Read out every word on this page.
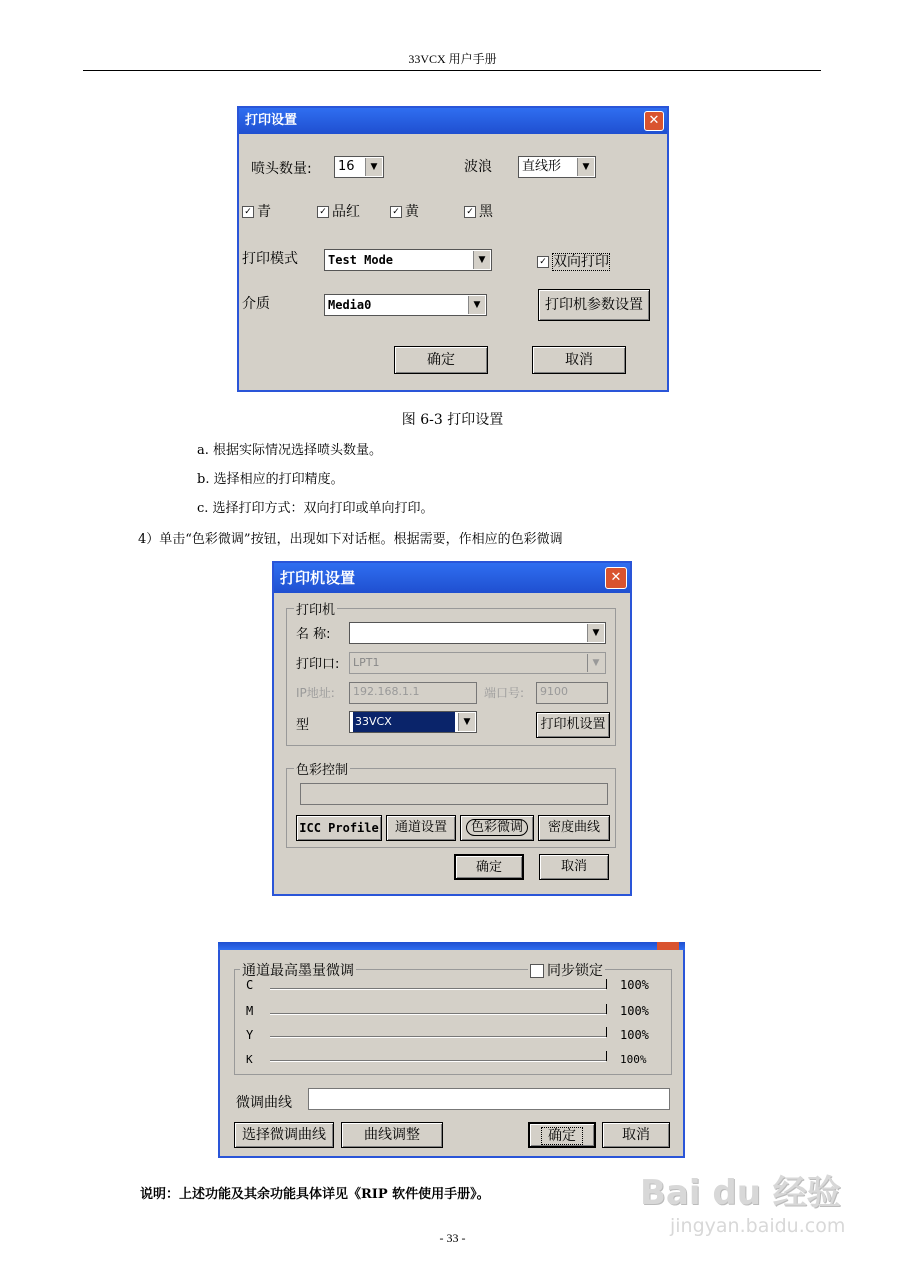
33VCX 用户手册
打印设置	✕
喷头数量:	16	▼	波浪	直线形	▼
✓ 青	✓ 品红	✓ 黄	✓ 黑
打印模式	Test Mode	▼	✓ 双向打印
介质	Media0	▼	打印机参数设置
确定	取消
图 6-3 打印设置
a. 根据实际情况选择喷头数量。
b. 选择相应的打印精度。
c. 选择打印方式：双向打印或单向打印。
4）单击“色彩微调”按钮，出现如下对话框。根据需要，作相应的色彩微调
打印机设置	✕
打印机
名 称:	▼
打印口:	LPT1	▼
IP地址:	192.168.1.1	端口号:	9100
型	33VCX	▼	打印机设置
色彩控制
ICC Profile	通道设置	色彩微调	密度曲线
确定	取消
通道最高墨量微调	同步锁定
C	100%
M	100%
Y	100%
K	100%
微调曲线
选择微调曲线	曲线调整	确定	取消
说明：上述功能及其余功能具体详见《RIP 软件使用手册》。
- 33 -
Bai du 经验
jingyan.baidu.com
